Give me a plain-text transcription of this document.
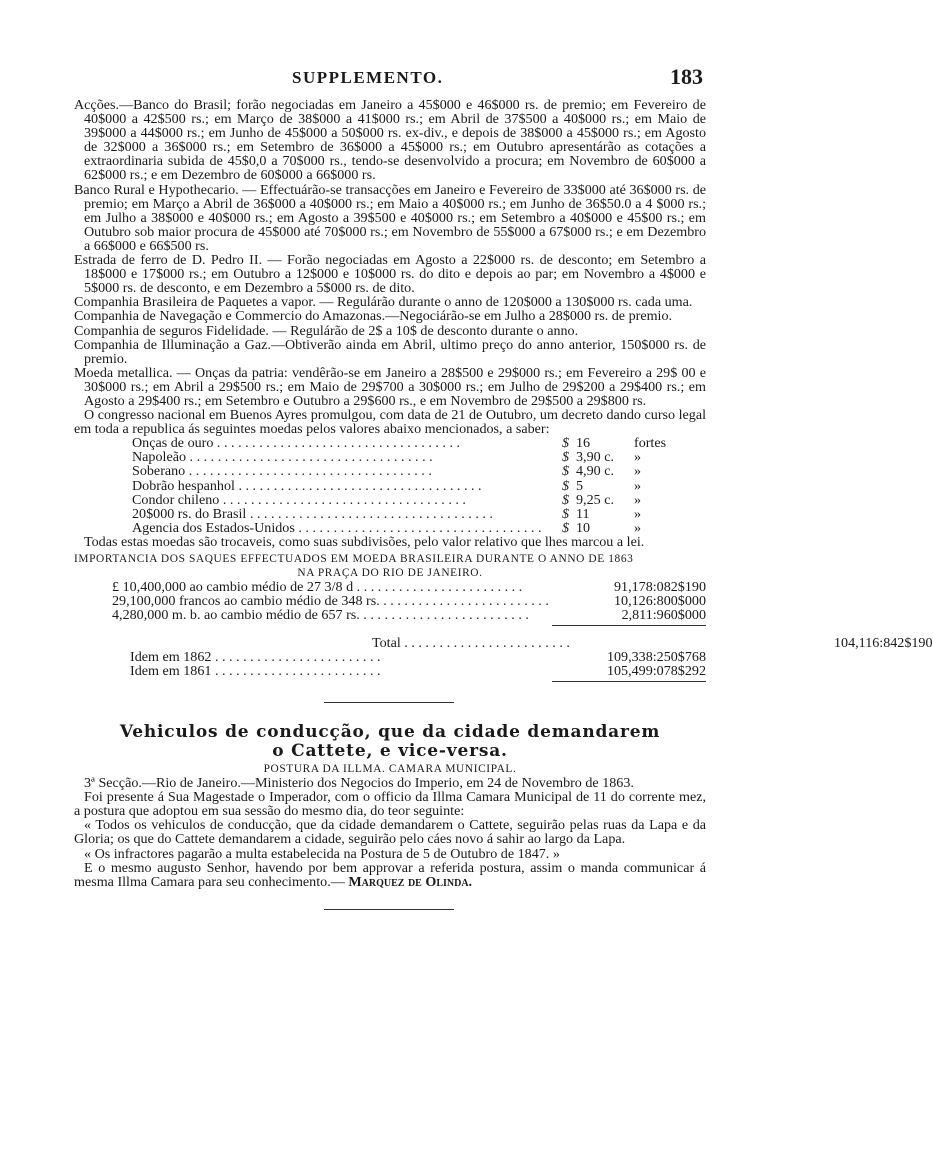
SUPPLEMENTO.	183
Acções.—Banco do Brasil; forão negociadas em Janeiro a 45$000 e 46$000 rs. de premio; em Fevereiro de 40$000 a 42$500 rs.; em Março de 38$000 a 41$000 rs.; em Abril de 37$500 a 40$000 rs.; em Maio de 39$000 a 44$000 rs.; em Junho de 45$000 a 50$000 rs. ex-div., e depois de 38$000 a 45$000 rs.; em Agosto de 32$000 a 36$000 rs.; em Setembro de 36$000 a 45$000 rs.; em Outubro apresentárão as cotações a extraordinaria subida de 45$0,0 a 70$000 rs., tendo-se desenvolvido a procura; em Novembro de 60$000 a 62$000 rs.; e em Dezembro de 60$000 a 66$000 rs.
Banco Rural e Hypothecario. — Effectuárão-se transacções em Janeiro e Fevereiro de 33$000 até 36$000 rs. de premio; em Março a Abril de 36$000 a 40$000 rs.; em Maio a 40$000 rs.; em Junho de 36$50.0 a 4 $000 rs.; em Julho a 38$000 e 40$000 rs.; em Agosto a 39$500 e 40$000 rs.; em Setembro a 40$000 e 45$00 rs.; em Outubro sob maior procura de 45$000 até 70$000 rs.; em Novembro de 55$000 a 67$000 rs.; e em Dezembro a 66$000 e 66$500 rs.
Estrada de ferro de D. Pedro II. — Forão negociadas em Agosto a 22$000 rs. de desconto; em Setembro a 18$000 e 17$000 rs.; em Outubro a 12$000 e 10$000 rs. do dito e depois ao par; em Novembro a 4$000 e 5$000 rs. de desconto, e em Dezembro a 5$000 rs. de dito.
Companhia Brasileira de Paquetes a vapor. — Regulárão durante o anno de 120$000 a 130$000 rs. cada uma.
Companhia de Navegação e Commercio do Amazonas.—Negociárão-se em Julho a 28$000 rs. de premio.
Companhia de seguros Fidelidade. — Regulárão de 2$ a 10$ de desconto durante o anno.
Companhia de Illuminação a Gaz.—Obtiverão ainda em Abril, ultimo preço do anno anterior, 150$000 rs. de premio.
Moeda metallica. — Onças da patria: vendêrão-se em Janeiro a 28$500 e 29$000 rs.; em Fevereiro a 29$ 00 e 30$000 rs.; em Abril a 29$500 rs.; em Maio de 29$700 a 30$000 rs.; em Julho de 29$200 a 29$400 rs.; em Agosto a 29$400 rs.; em Setembro e Outubro a 29$600 rs., e em Novembro de 29$500 a 29$800 rs.
O congresso nacional em Buenos Ayres promulgou, com data de 21 de Outubro, um decreto dando curso legal em toda a republica ás seguintes moedas pelos valores abaixo mencionados, a saber:
Onças de ouro . . .	$ 16	fortes
Napoleão . . .	$ 3,90 c.	»
Soberano . . .	$ 4,90 c.	»
Dobrão hespanhol . . .	$ 5	»
Condor chileno . . .	$ 9,25 c.	»
20$000 rs. do Brasil . . .	$ 11	»
Agencia dos Estados-Unidos . . .	$ 10	»
Todas estas moedas são trocaveis, como suas subdivisões, pelo valor relativo que lhes marcou a lei.
IMPORTANCIA DOS SAQUES EFFECTUADOS EM MOEDA BRASILEIRA DURANTE O ANNO DE 1863
NA PRAÇA DO RIO DE JANEIRO.
£ 10,400,000 ao cambio médio de 27 3/8 d . . .	91,178:082$190
29,100,000 francos ao cambio médio de 348 rs. . . .	10,126:800$000
4,280,000 m. b. ao cambio médio de 657 rs. . . .	2,811:960$000
Total . . .	104,116:842$190
Idem em 1862 . . .	109,338:250$768
Idem em 1861 . . .	105,499:078$292
Vehiculos de conducção, que da cidade demandarem
o Cattete, e vice-versa.
POSTURA DA ILLMA. CAMARA MUNICIPAL.
3ª Secção.—Rio de Janeiro.—Ministerio dos Negocios do Imperio, em 24 de Novembro de 1863.
Foi presente á Sua Magestade o Imperador, com o officio da Illma Camara Municipal de 11 do corrente mez, a postura que adoptou em sua sessão do mesmo dia, do teor seguinte:
« Todos os vehiculos de conducção, que da cidade demandarem o Cattete, seguirão pelas ruas da Lapa e da Gloria; os que do Cattete demandarem a cidade, seguirão pelo cáes novo á sahir ao largo da Lapa.
« Os infractores pagarão a multa estabelecida na Postura de 5 de Outubro de 1847. »
E o mesmo augusto Senhor, havendo por bem approvar a referida postura, assim o manda communicar á mesma Illma Camara para seu conhecimento.— Marquez de Olinda.
